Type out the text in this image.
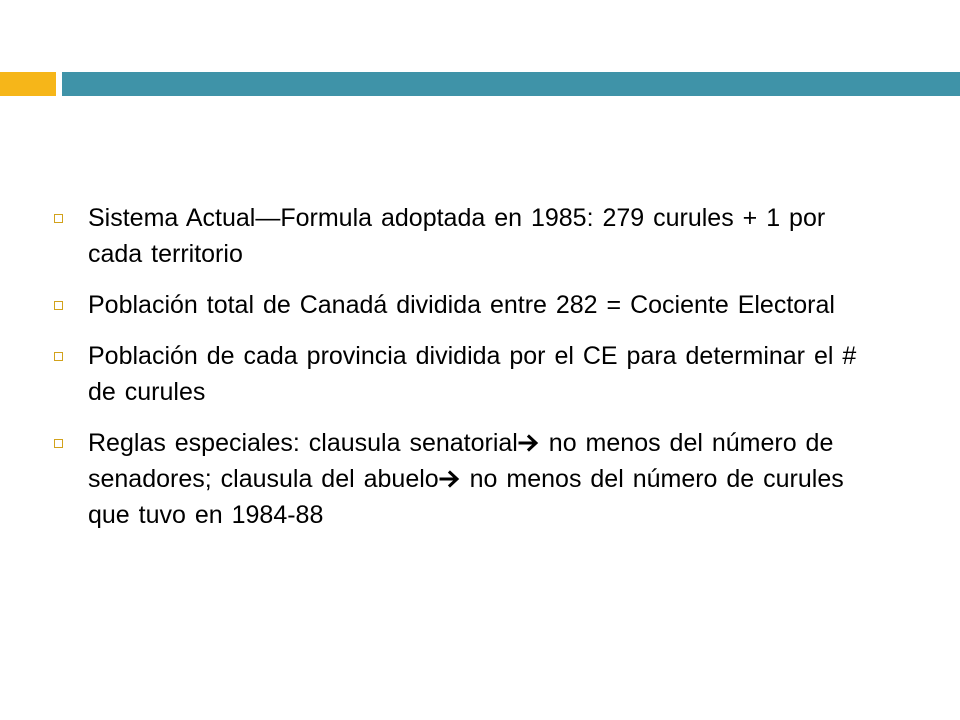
Sistema Actual—Formula adoptada en 1985: 279 curules + 1 por cada territorio
Población total de Canadá dividida entre 282 = Cociente Electoral
Población de cada provincia dividida por el CE para determinar el # de curules
Reglas especiales: clausula senatorial no menos del número de senadores; clausula del abuelo no menos del número de curules que tuvo en 1984-88
